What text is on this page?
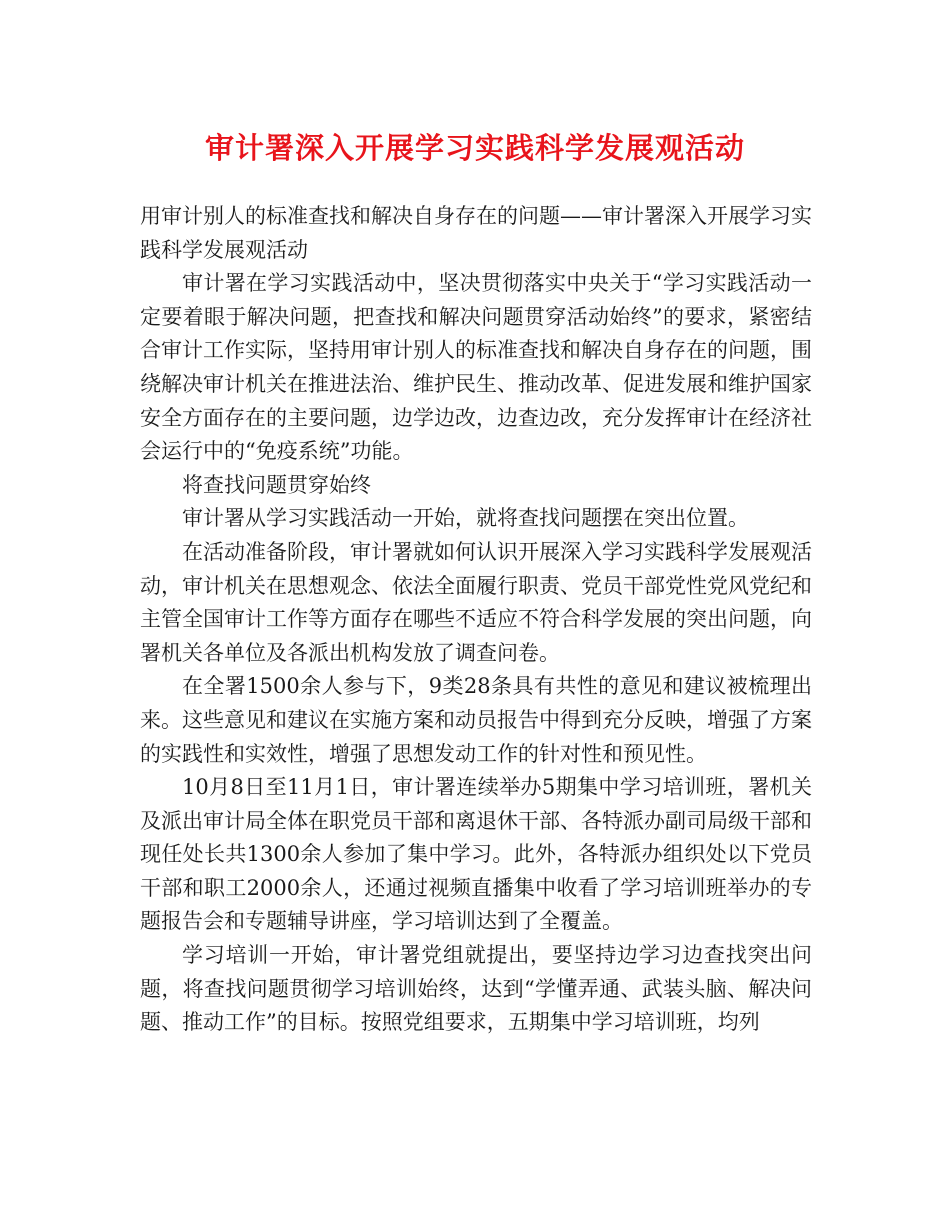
审计署深入开展学习实践科学发展观活动

用审计别人的标准查找和解决自身存在的问题——审计署深入开展学习实践科学发展观活动

审计署在学习实践活动中，坚决贯彻落实中央关于“学习实践活动一定要着眼于解决问题，把查找和解决问题贯穿活动始终”的要求，紧密结合审计工作实际，坚持用审计别人的标准查找和解决自身存在的问题，围绕解决审计机关在推进法治、维护民生、推动改革、促进发展和维护国家安全方面存在的主要问题，边学边改，边查边改，充分发挥审计在经济社会运行中的“免疫系统”功能。

将查找问题贯穿始终

审计署从学习实践活动一开始，就将查找问题摆在突出位置。

在活动准备阶段，审计署就如何认识开展深入学习实践科学发展观活动，审计机关在思想观念、依法全面履行职责、党员干部党性党风党纪和主管全国审计工作等方面存在哪些不适应不符合科学发展的突出问题，向署机关各单位及各派出机构发放了调查问卷。

在全署1500余人参与下，9类28条具有共性的意见和建议被梳理出来。这些意见和建议在实施方案和动员报告中得到充分反映，增强了方案的实践性和实效性，增强了思想发动工作的针对性和预见性。

10月8日至11月1日，审计署连续举办5期集中学习培训班，署机关及派出审计局全体在职党员干部和离退休干部、各特派办副司局级干部和现任处长共1300余人参加了集中学习。此外，各特派办组织处以下党员干部和职工2000余人，还通过视频直播集中收看了学习培训班举办的专题报告会和专题辅导讲座，学习培训达到了全覆盖。

学习培训一开始，审计署党组就提出，要坚持边学习边查找突出问题，将查找问题贯彻学习培训始终，达到“学懂弄通、武装头脑、解决问题、推动工作”的目标。按照党组要求，五期集中学习培训班，均列
